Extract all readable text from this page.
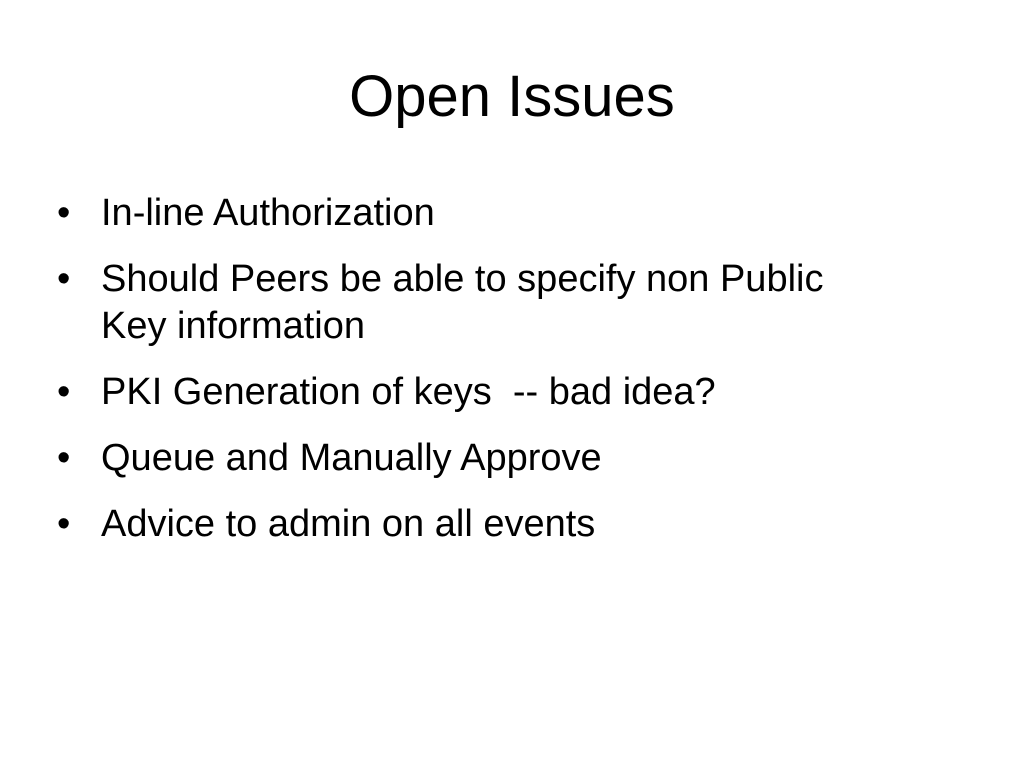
Open Issues
• In-line Authorization
• Should Peers be able to specify non Public Key information
• PKI Generation of keys  -- bad idea?
• Queue and Manually Approve
• Advice to admin on all events
